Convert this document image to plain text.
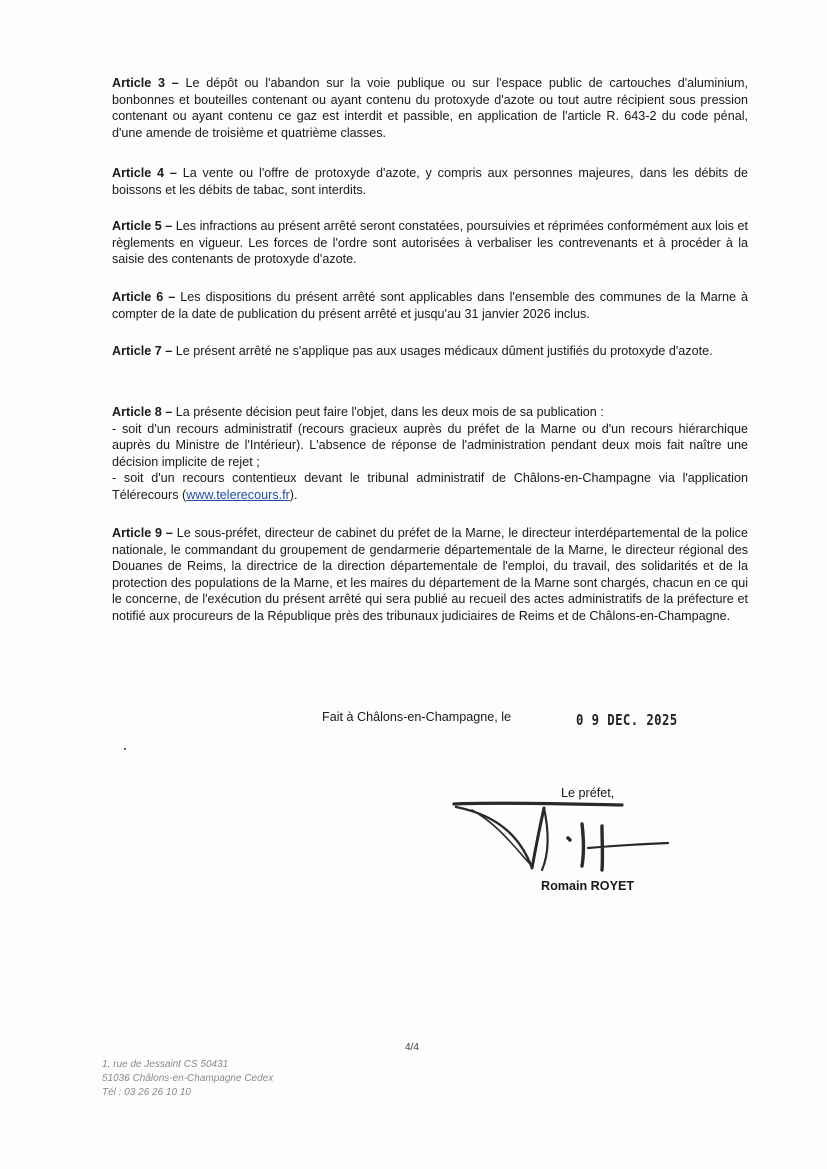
Article 3 – Le dépôt ou l'abandon sur la voie publique ou sur l'espace public de cartouches d'aluminium, bonbonnes et bouteilles contenant ou ayant contenu du protoxyde d'azote ou tout autre récipient sous pression contenant ou ayant contenu ce gaz est interdit et passible, en application de l'article R. 643-2 du code pénal, d'une amende de troisième et quatrième classes.

Article 4 – La vente ou l'offre de protoxyde d'azote, y compris aux personnes majeures, dans les débits de boissons et les débits de tabac, sont interdits.

Article 5 – Les infractions au présent arrêté seront constatées, poursuivies et réprimées conformément aux lois et règlements en vigueur. Les forces de l'ordre sont autorisées à verbaliser les contrevenants et à procéder à la saisie des contenants de protoxyde d'azote.

Article 6 – Les dispositions du présent arrêté sont applicables dans l'ensemble des communes de la Marne à compter de la date de publication du présent arrêté et jusqu'au 31 janvier 2026 inclus.

Article 7 – Le présent arrêté ne s'applique pas aux usages médicaux dûment justifiés du protoxyde d'azote.

Article 8 – La présente décision peut faire l'objet, dans les deux mois de sa publication :
- soit d'un recours administratif (recours gracieux auprès du préfet de la Marne ou d'un recours hiérarchique auprès du Ministre de l'Intérieur). L'absence de réponse de l'administration pendant deux mois fait naître une décision implicite de rejet ;
- soit d'un recours contentieux devant le tribunal administratif de Châlons-en-Champagne via l'application Télérecours (www.telerecours.fr).

Article 9 – Le sous-préfet, directeur de cabinet du préfet de la Marne, le directeur interdépartemental de la police nationale, le commandant du groupement de gendarmerie départementale de la Marne, le directeur régional des Douanes de Reims, la directrice de la direction départementale de l'emploi, du travail, des solidarités et de la protection des populations de la Marne, et les maires du département de la Marne sont chargés, chacun en ce qui le concerne, de l'exécution du présent arrêté qui sera publié au recueil des actes administratifs de la préfecture et notifié aux procureurs de la République près des tribunaux judiciaires de Reims et de Châlons-en-Champagne.

Fait à Châlons-en-Champagne, le	0 9 DEC. 2025
Le préfet,
Romain ROYET
4/4
1, rue de Jessaint CS 50431
51036 Châlons-en-Champagne Cedex
Tél : 03 26 26 10 10
